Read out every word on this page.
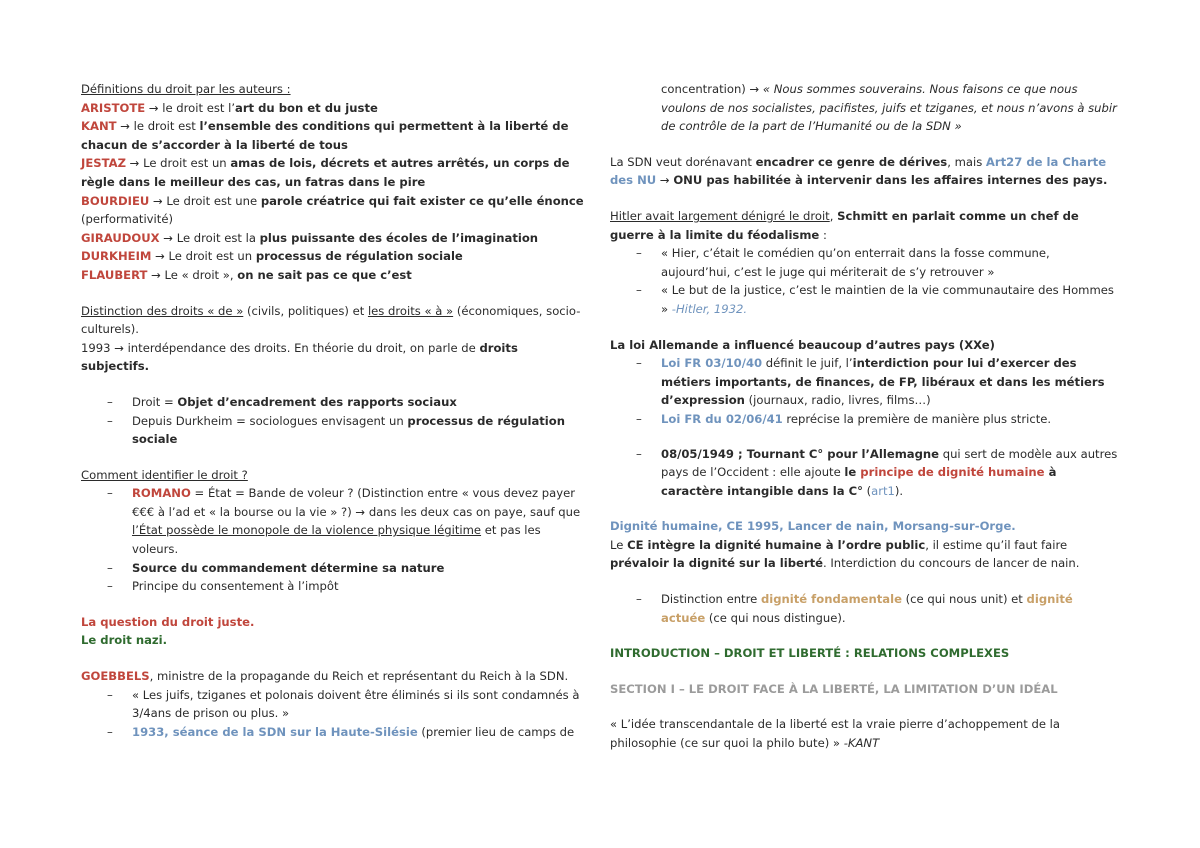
Définitions du droit par les auteurs :
ARISTOTE → le droit est l’art du bon et du juste
KANT → le droit est l’ensemble des conditions qui permettent à la liberté de chacun de s’accorder à la liberté de tous
JESTAZ → Le droit est un amas de lois, décrets et autres arrêtés, un corps de règle dans le meilleur des cas, un fatras dans le pire
BOURDIEU → Le droit est une parole créatrice qui fait exister ce qu’elle énonce (performativité)
GIRAUDOUX → Le droit est la plus puissante des écoles de l’imagination
DURKHEIM → Le droit est un processus de régulation sociale
FLAUBERT → Le « droit », on ne sait pas ce que c’est
Distinction des droits « de » (civils, politiques) et les droits « à » (économiques, socio-culturels).
1993 → interdépendance des droits. En théorie du droit, on parle de droits subjectifs.
– Droit = Objet d’encadrement des rapports sociaux
– Depuis Durkheim = sociologues envisagent un processus de régulation sociale
Comment identifier le droit ?
– ROMANO = État = Bande de voleur ? (Distinction entre « vous devez payer €€€ à l’ad et « la bourse ou la vie » ?) → dans les deux cas on paye, sauf que l’État possède le monopole de la violence physique légitime et pas les voleurs.
– Source du commandement détermine sa nature
– Principe du consentement à l’impôt
La question du droit juste.
Le droit nazi.
GOEBBELS, ministre de la propagande du Reich et représentant du Reich à la SDN.
– « Les juifs, tziganes et polonais doivent être éliminés si ils sont condamnés à 3/4ans de prison ou plus. »
– 1933, séance de la SDN sur la Haute-Silésie (premier lieu de camps de
concentration) → « Nous sommes souverains. Nous faisons ce que nous voulons de nos socialistes, pacifistes, juifs et tziganes, et nous n’avons à subir de contrôle de la part de l’Humanité ou de la SDN »
La SDN veut dorénavant encadrer ce genre de dérives, mais Art27 de la Charte des NU → ONU pas habilitée à intervenir dans les affaires internes des pays.
Hitler avait largement dénigré le droit, Schmitt en parlait comme un chef de guerre à la limite du féodalisme :
– « Hier, c’était le comédien qu’on enterrait dans la fosse commune, aujourd’hui, c’est le juge qui mériterait de s’y retrouver »
– « Le but de la justice, c’est le maintien de la vie communautaire des Hommes » -Hitler, 1932.
La loi Allemande a influencé beaucoup d’autres pays (XXe)
– Loi FR 03/10/40 définit le juif, l’interdiction pour lui d’exercer des métiers importants, de finances, de FP, libéraux et dans les métiers d’expression (journaux, radio, livres, films…)
– Loi FR du 02/06/41 reprécise la première de manière plus stricte.
– 08/05/1949 ; Tournant C° pour l’Allemagne qui sert de modèle aux autres pays de l’Occident : elle ajoute le principe de dignité humaine à caractère intangible dans la C° (art1).
Dignité humaine, CE 1995, Lancer de nain, Morsang-sur-Orge.
Le CE intègre la dignité humaine à l’ordre public, il estime qu’il faut faire prévaloir la dignité sur la liberté. Interdiction du concours de lancer de nain.
– Distinction entre dignité fondamentale (ce qui nous unit) et dignité actuée (ce qui nous distingue).
INTRODUCTION – DROIT ET LIBERTÉ : RELATIONS COMPLEXES
SECTION I – LE DROIT FACE À LA LIBERTÉ, LA LIMITATION D’UN IDÉAL
« L’idée transcendantale de la liberté est la vraie pierre d’achoppement de la philosophie (ce sur quoi la philo bute) » -KANT
